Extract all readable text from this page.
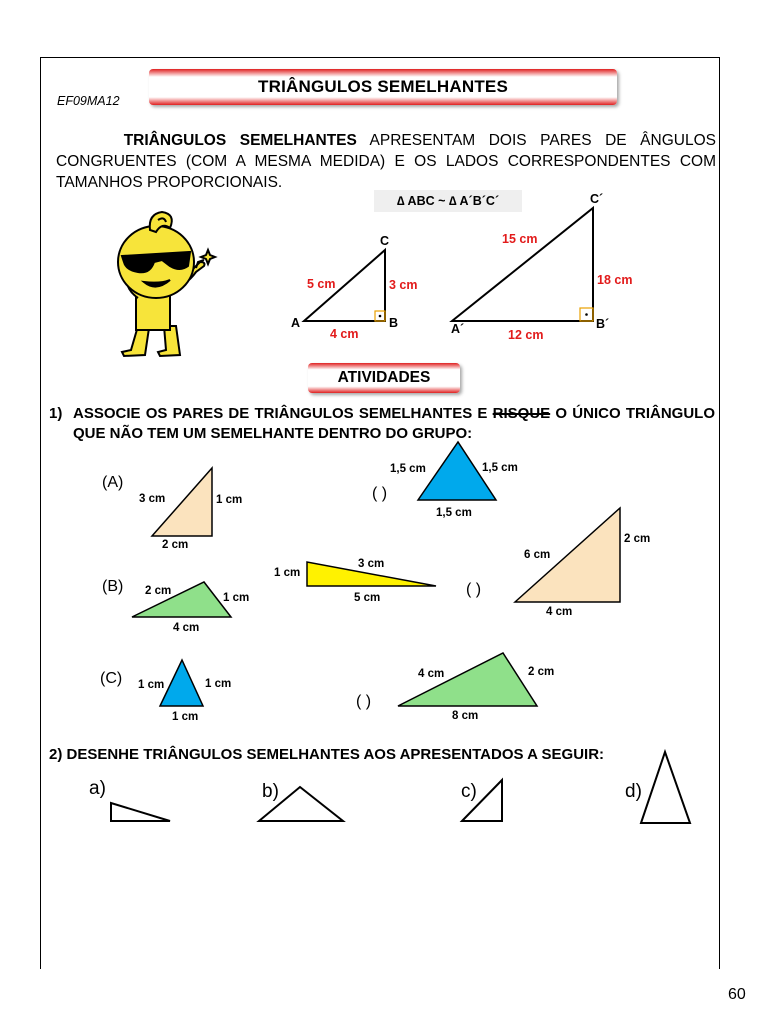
TRIÂNGULOS SEMELHANTES
EF09MA12
TRIÂNGULOS SEMELHANTES APRESENTAM DOIS PARES DE ÂNGULOS CONGRUENTES (COM A MESMA MEDIDA) E OS LADOS CORRESPONDENTES COM TAMANHOS PROPORCIONAIS.
∆ ABC ~ ∆ A´B´C´
A	B
C
5 cm	3 cm
4 cm	A´	B´
C´
15 cm
18 cm
12 cm
(A)
3 cm	1 cm
2 cm
( )
1,5 cm	1,5 cm
1,5 cm
(B) 2 cm
1 cm
4 cm
1 cm
3 cm
5 cm	( )
6 cm
2 cm
4 cm
(C) 1 cm	1 cm
1 cm
( )
4 cm	2 cm
8 cm
a)	b)	c)	d)
ATIVIDADES
1) ASSOCIE OS PARES DE TRIÂNGULOS SEMELHANTES E RISQUE O ÚNICO TRIÂNGULO QUE NÃO TEM UM SEMELHANTE DENTRO DO GRUPO:
2) DESENHE TRIÂNGULOS SEMELHANTES AOS APRESENTADOS A SEGUIR:
60
